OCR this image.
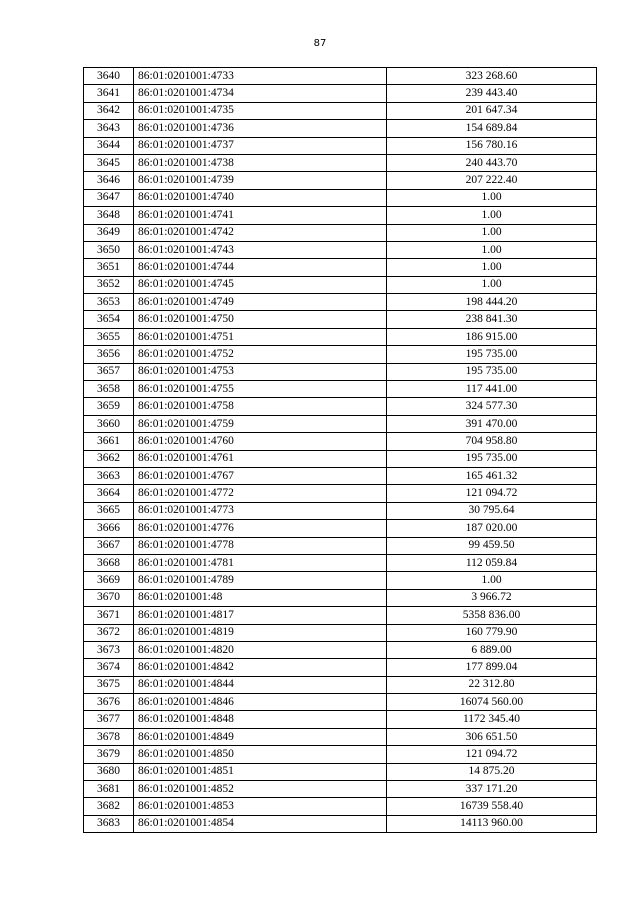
87
3640	86:01:0201001:4733	323 268.60
3641	86:01:0201001:4734	239 443.40
3642	86:01:0201001:4735	201 647.34
3643	86:01:0201001:4736	154 689.84
3644	86:01:0201001:4737	156 780.16
3645	86:01:0201001:4738	240 443.70
3646	86:01:0201001:4739	207 222.40
3647	86:01:0201001:4740	1.00
3648	86:01:0201001:4741	1.00
3649	86:01:0201001:4742	1.00
3650	86:01:0201001:4743	1.00
3651	86:01:0201001:4744	1.00
3652	86:01:0201001:4745	1.00
3653	86:01:0201001:4749	198 444.20
3654	86:01:0201001:4750	238 841.30
3655	86:01:0201001:4751	186 915.00
3656	86:01:0201001:4752	195 735.00
3657	86:01:0201001:4753	195 735.00
3658	86:01:0201001:4755	117 441.00
3659	86:01:0201001:4758	324 577.30
3660	86:01:0201001:4759	391 470.00
3661	86:01:0201001:4760	704 958.80
3662	86:01:0201001:4761	195 735.00
3663	86:01:0201001:4767	165 461.32
3664	86:01:0201001:4772	121 094.72
3665	86:01:0201001:4773	30 795.64
3666	86:01:0201001:4776	187 020.00
3667	86:01:0201001:4778	99 459.50
3668	86:01:0201001:4781	112 059.84
3669	86:01:0201001:4789	1.00
3670	86:01:0201001:48	3 966.72
3671	86:01:0201001:4817	5358 836.00
3672	86:01:0201001:4819	160 779.90
3673	86:01:0201001:4820	6 889.00
3674	86:01:0201001:4842	177 899.04
3675	86:01:0201001:4844	22 312.80
3676	86:01:0201001:4846	16074 560.00
3677	86:01:0201001:4848	1172 345.40
3678	86:01:0201001:4849	306 651.50
3679	86:01:0201001:4850	121 094.72
3680	86:01:0201001:4851	14 875.20
3681	86:01:0201001:4852	337 171.20
3682	86:01:0201001:4853	16739 558.40
3683	86:01:0201001:4854	14113 960.00
